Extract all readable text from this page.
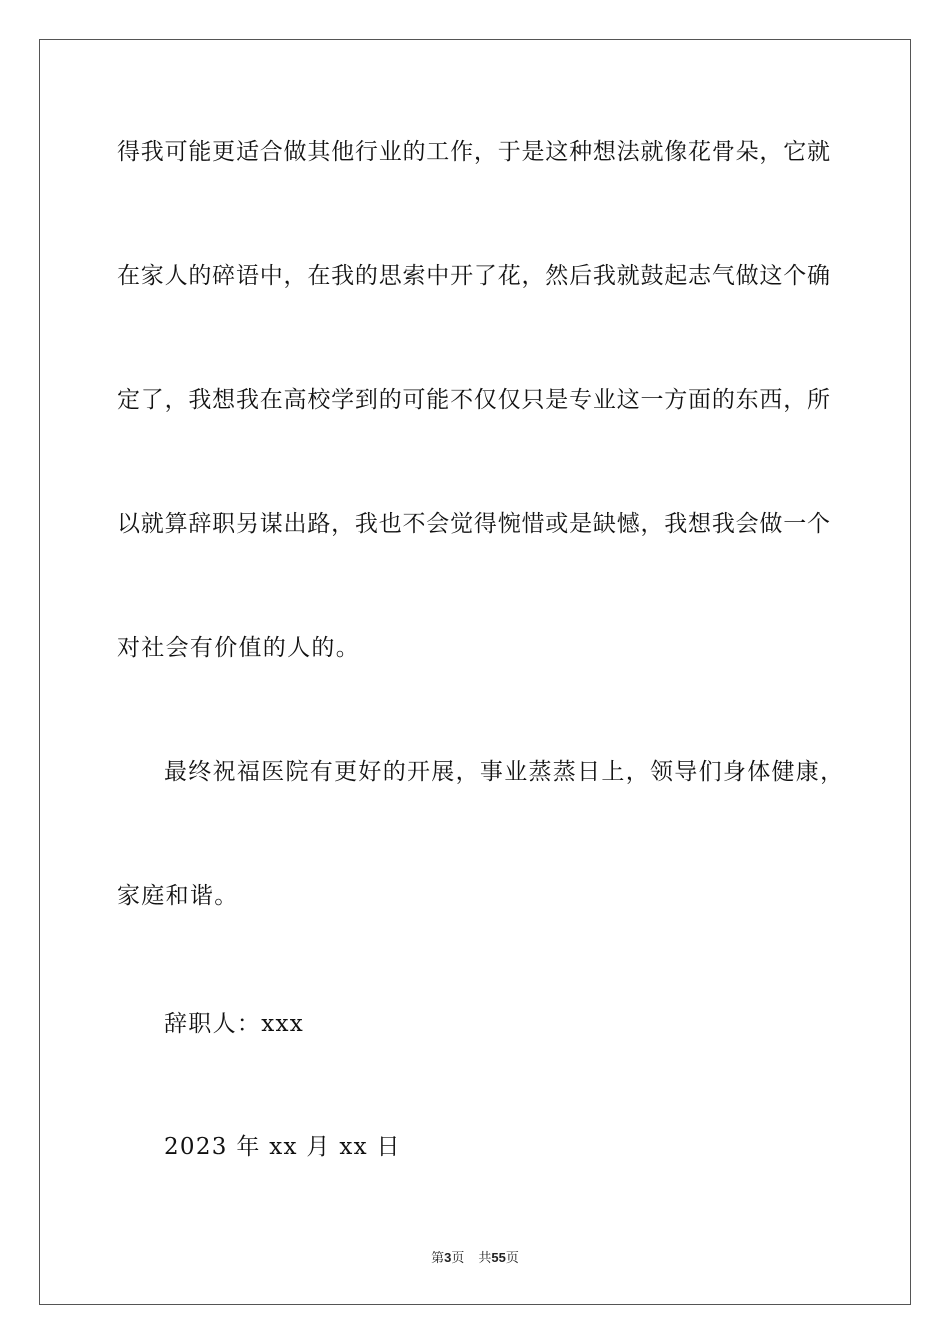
得我可能更适合做其他行业的工作，于是这种想法就像花骨朵，它就
在家人的碎语中，在我的思索中开了花，然后我就鼓起志气做这个确
定了，我想我在高校学到的可能不仅仅只是专业这一方面的东西，所
以就算辞职另谋出路，我也不会觉得惋惜或是缺憾，我想我会做一个
对社会有价值的人的。
最终祝福医院有更好的开展，事业蒸蒸日上，领导们身体健康，
家庭和谐。
辞职人：xxx
2023 年 xx 月 xx 日
第3页 共55页
